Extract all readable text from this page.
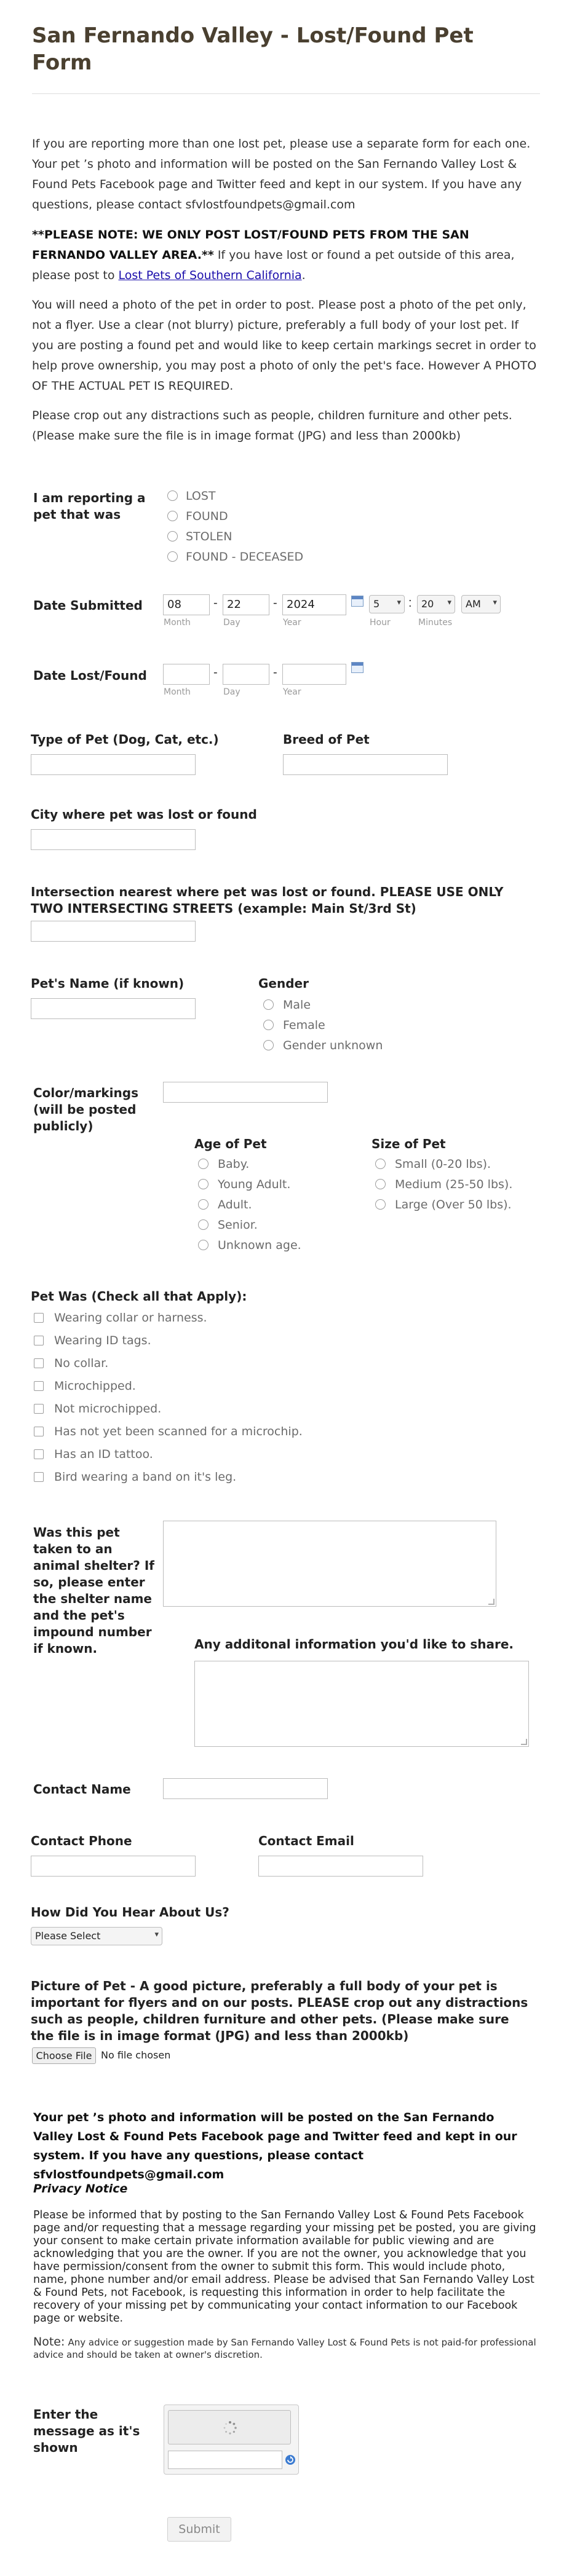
San Fernando Valley - Lost/Found Pet
Form

If you are reporting more than one lost pet, please use a separate form for each one. Your pet ’s photo and information will be posted on the San Fernando Valley Lost & Found Pets Facebook page and Twitter feed and kept in our system. If you have any questions, please contact sfvlostfoundpets@gmail.com

**PLEASE NOTE: WE ONLY POST LOST/FOUND PETS FROM THE SAN FERNANDO VALLEY AREA.** If you have lost or found a pet outside of this area, please post to Lost Pets of Southern California.

You will need a photo of the pet in order to post. Please post a photo of the pet only, not a flyer. Use a clear (not blurry) picture, preferably a full body of your lost pet. If you are posting a found pet and would like to keep certain markings secret in order to help prove ownership, you may post a photo of only the pet's face. However A PHOTO OF THE ACTUAL PET IS REQUIRED.

Please crop out any distractions such as people, children furniture and other pets. (Please make sure the file is in image format (JPG) and less than 2000kb)

I am reporting a pet that was

LOST
FOUND
STOLEN
FOUND - DECEASED

Date Submitted	08	- 22	- 2024	5 ▾ : 20 ▾	AM ▾
Month	Day	Year	Hour	Minutes

Date Lost/Found	-	-
Month	Day	Year

Type of Pet (Dog, Cat, etc.)	Breed of Pet

City where pet was lost or found

Intersection nearest where pet was lost or found. PLEASE USE ONLY TWO INTERSECTING STREETS (example: Main St/3rd St)

Pet's Name (if known)	Gender

Male
Female
Gender unknown

Color/markings (will be posted publicly)

Age of Pet

Baby.
Young Adult.
Adult.
Senior.
Unknown age.

Size of Pet

Small (0-20 lbs).
Medium (25-50 lbs).
Large (Over 50 lbs).

Pet Was (Check all that Apply):

Wearing collar or harness.
Wearing ID tags.
No collar.
Microchipped.
Not microchipped.
Has not yet been scanned for a microchip.
Has an ID tattoo.
Bird wearing a band on it's leg.

Was this pet taken to an animal shelter? If so, please enter the shelter name and the pet's impound number if known.	Any additonal information you'd like to share.

Contact Name

Contact Phone	Contact Email

How Did You Hear About Us?

Please Select	▾

Picture of Pet - A good picture, preferably a full body of your pet is important for flyers and on our posts. PLEASE crop out any distractions such as people, children furniture and other pets. (Please make sure the file is in image format (JPG) and less than 2000kb)

Choose File No file chosen

Your pet ’s photo and information will be posted on the San Fernando Valley Lost & Found Pets Facebook page and Twitter feed and kept in our system. If you have any questions, please contact sfvlostfoundpets@gmail.com

Privacy Notice

Please be informed that by posting to the San Fernando Valley Lost & Found Pets Facebook page and/or requesting that a message regarding your missing pet be posted, you are giving your consent to make certain private information available for public viewing and are acknowledging that you are the owner. If you are not the owner, you acknowledge that you have permission/consent from the owner to submit this form. This would include photo, name, phone number and/or email address. Please be advised that San Fernando Valley Lost & Found Pets, not Facebook, is requesting this information in order to help facilitate the recovery of your missing pet by communicating your contact information to our Facebook page or website.

Note: Any advice or suggestion made by San Fernando Valley Lost & Found Pets is not paid-for professional advice and should be taken at owner's discretion.

Enter the message as it's shown

Submit
